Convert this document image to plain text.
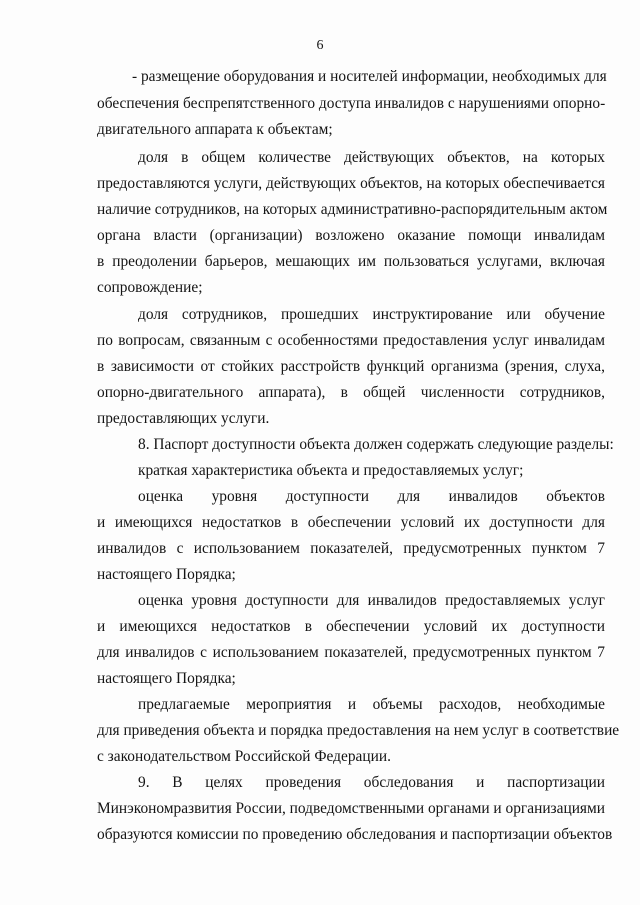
6
- размещение оборудования и носителей информации, необходимых для
обеспечения беспрепятственного доступа инвалидов с нарушениями опорно-
двигательного аппарата к объектам;
доля в общем количестве действующих объектов, на которых
предоставляются услуги, действующих объектов, на которых обеспечивается
наличие сотрудников, на которых административно-распорядительным актом
органа власти (организации) возложено оказание помощи инвалидам
в преодолении барьеров, мешающих им пользоваться услугами, включая
сопровождение;
доля сотрудников, прошедших инструктирование или обучение
по вопросам, связанным с особенностями предоставления услуг инвалидам
в зависимости от стойких расстройств функций организма (зрения, слуха,
опорно-двигательного аппарата), в общей численности сотрудников,
предоставляющих услуги.
8. Паспорт доступности объекта должен содержать следующие разделы:
краткая характеристика объекта и предоставляемых услуг;
оценка уровня доступности для инвалидов объектов
и имеющихся недостатков в обеспечении условий их доступности для
инвалидов с использованием показателей, предусмотренных пунктом 7
настоящего Порядка;
оценка уровня доступности для инвалидов предоставляемых услуг
и имеющихся недостатков в обеспечении условий их доступности
для инвалидов с использованием показателей, предусмотренных пунктом 7
настоящего Порядка;
предлагаемые мероприятия и объемы расходов, необходимые
для приведения объекта и порядка предоставления на нем услуг в соответствие
с законодательством Российской Федерации.
9. В целях проведения обследования и паспортизации
Минэкономразвития России, подведомственными органами и организациями
образуются комиссии по проведению обследования и паспортизации объектов
